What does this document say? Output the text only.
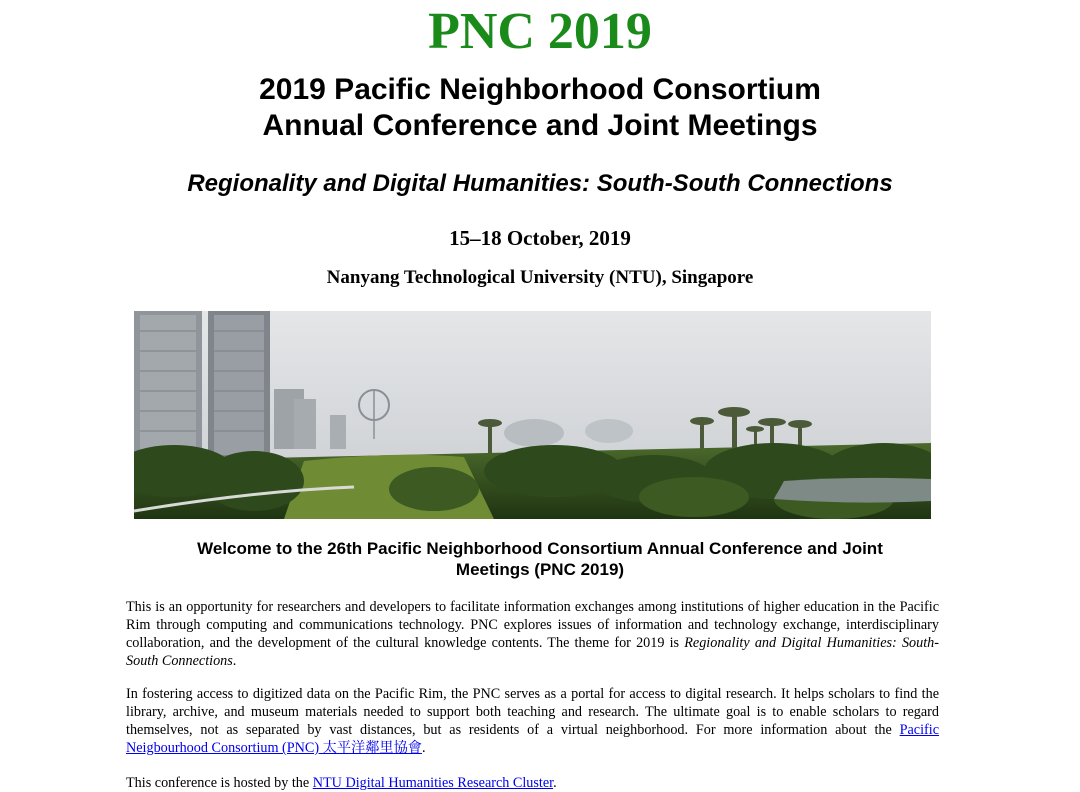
PNC 2019
2019 Pacific Neighborhood Consortium
Annual Conference and Joint Meetings
Regionality and Digital Humanities: South-South Connections
15–18 October, 2019
Nanyang Technological University (NTU), Singapore
Welcome to the 26th Pacific Neighborhood Consortium Annual Conference and Joint
Meetings (PNC 2019)
This is an opportunity for researchers and developers to facilitate information exchanges among institutions of higher education in the Pacific Rim through computing and communications technology. PNC explores issues of information and technology exchange, interdisciplinary collaboration, and the development of the cultural knowledge contents. The theme for 2019 is Regionality and Digital Humanities: South-South Connections.
In fostering access to digitized data on the Pacific Rim, the PNC serves as a portal for access to digital research. It helps scholars to find the library, archive, and museum materials needed to support both teaching and research. The ultimate goal is to enable scholars to regard themselves, not as separated by vast distances, but as residents of a virtual neighborhood. For more information about the Pacific Neigbourhood Consortium (PNC) 太平洋鄰里協會.
This conference is hosted by the NTU Digital Humanities Research Cluster.
